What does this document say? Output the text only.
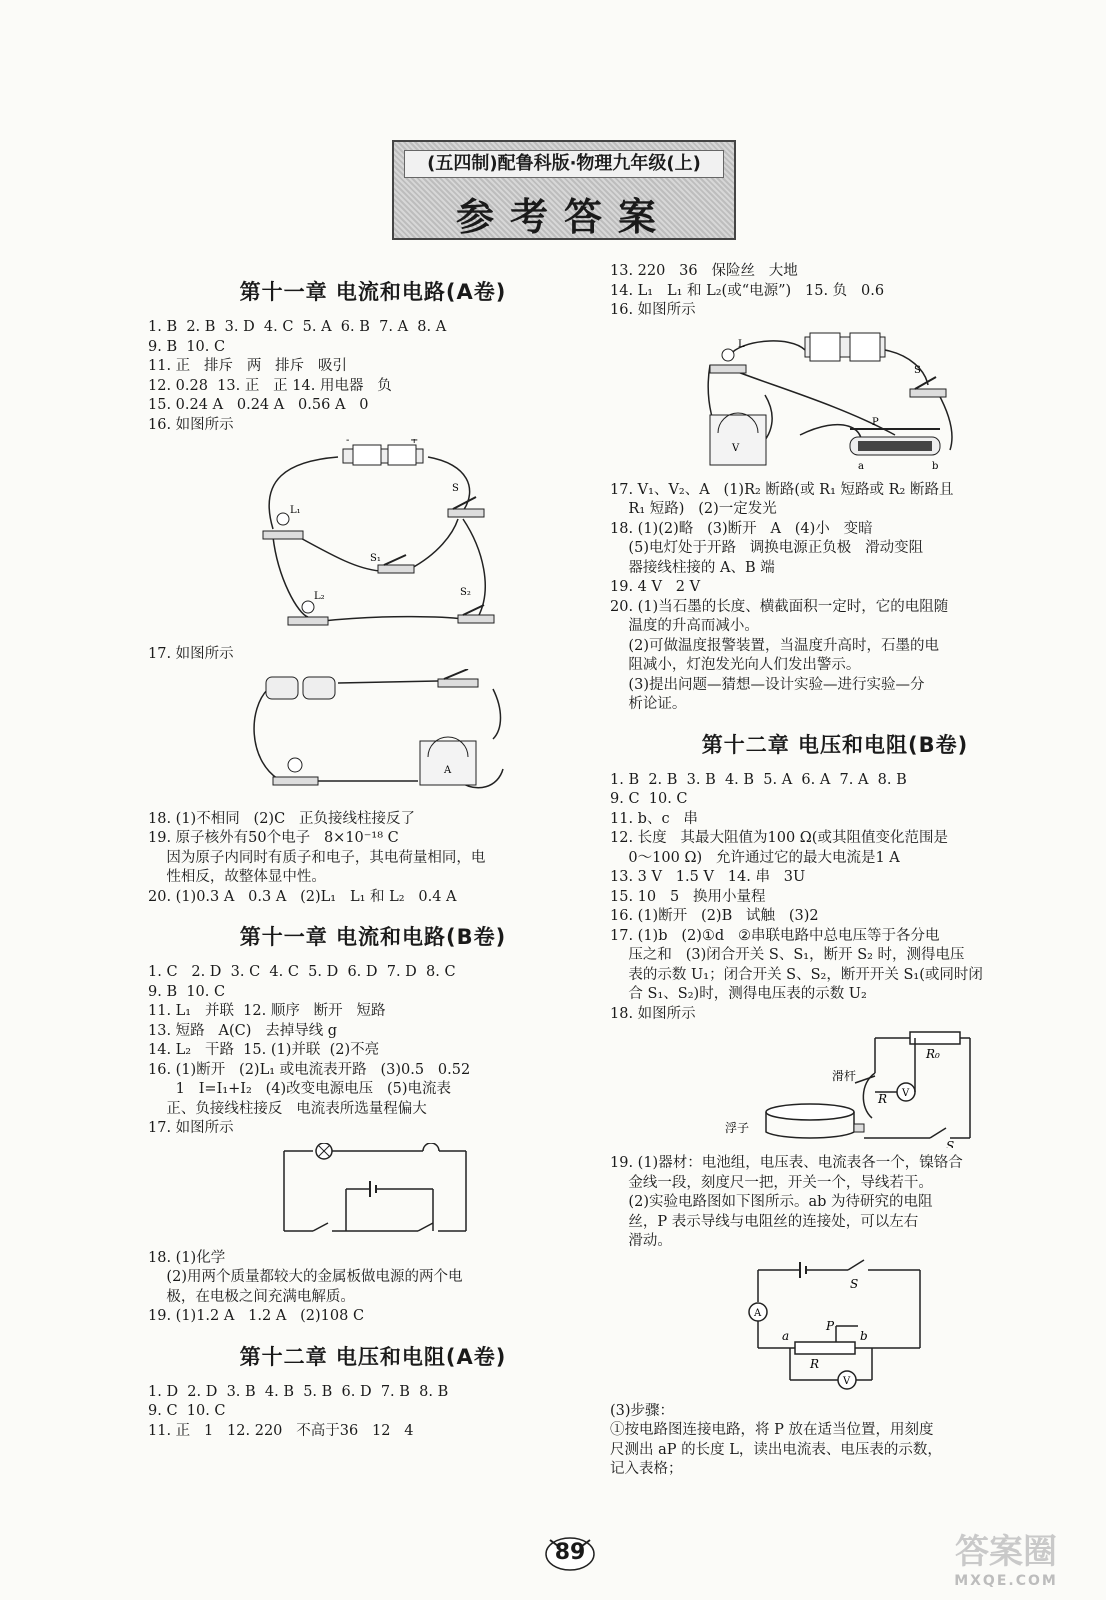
(五四制)配鲁科版·物理九年级(上)
参考答案
第十一章 电流和电路(A卷)
1. B  2. B  3. D  4. C  5. A  6. B  7. A  8. A
9. B  10. C
11. 正   排斥   两   排斥   吸引
12. 0.28  13. 正   正 14. 用电器   负
15. 0.24 A   0.24 A   0.56 A   0
16. 如图所示
-	+
L₁
S
S₁
L₂	S₂
17. 如图所示
A
18. (1)不相同   (2)C   正负接线柱接反了
19. 原子核外有50个电子   8×10⁻¹⁸ C
因为原子内同时有质子和电子，其电荷量相同，电
性相反，故整体显中性。
20. (1)0.3 A   0.3 A   (2)L₁   L₁ 和 L₂   0.4 A
第十一章 电流和电路(B卷)
1. C   2. D  3. C  4. C  5. D  6. D  7. D  8. C
9. B  10. C
11. L₁   并联  12. 顺序   断开   短路
13. 短路   A(C)   去掉导线 g
14. L₂   干路  15. (1)并联  (2)不亮
16. (1)断开   (2)L₁ 或电流表开路   (3)0.5   0.52
1   I=I₁+I₂   (4)改变电源电压   (5)电流表
正、负接线柱接反   电流表所选量程偏大
17. 如图所示
18. (1)化学
(2)用两个质量都较大的金属板做电源的两个电
极，在电极之间充满电解质。
19. (1)1.2 A   1.2 A   (2)108 C
第十二章 电压和电阻(A卷)
1. D  2. D  3. B  4. B  5. B  6. D  7. B  8. B
9. C  10. C
11. 正   1   12. 220   不高于36   12   4
13. 220   36   保险丝   大地
14. L₁   L₁ 和 L₂(或“电源”)   15. 负   0.6
16. 如图所示
L
S
V
P
a	b
17. V₁、V₂、A   (1)R₂ 断路(或 R₁ 短路或 R₂ 断路且
R₁ 短路)   (2)一定发光
18. (1)(2)略   (3)断开   A   (4)小   变暗
(5)电灯处于开路   调换电源正负极   滑动变阻
器接线柱接的 A、B 端
19. 4 V   2 V
20. (1)当石墨的长度、横截面积一定时，它的电阻随
温度的升高而减小。
(2)可做温度报警装置，当温度升高时，石墨的电
阻减小，灯泡发光向人们发出警示。
(3)提出问题—猜想—设计实验—进行实验—分
析论证。
第十二章 电压和电阻(B卷)
1. B  2. B  3. B  4. B  5. A  6. A  7. A  8. B
9. C  10. C
11. b、c   串
12. 长度   其最大阻值为100 Ω(或其阻值变化范围是
0～100 Ω)   允许通过它的最大电流是1 A
13. 3 V   1.5 V   14. 串   3U
15. 10   5   换用小量程
16. (1)断开   (2)B   试触   (3)2
17. (1)b   (2)①d   ②串联电路中总电压等于各分电
压之和   (3)闭合开关 S、S₁，断开 S₂ 时，测得电压
表的示数 U₁；闭合开关 S、S₂，断开开关 S₁(或同时闭
合 S₁、S₂)时，测得电压表的示数 U₂
18. 如图所示
R₀
滑杆
R V
浮子
S
19. (1)器材：电池组，电压表、电流表各一个，镍铬合
金线一段，刻度尺一把，开关一个，导线若干。
(2)实验电路图如下图所示。ab 为待研究的电阻
丝，P 表示导线与电阻丝的连接处，可以左右
滑动。
S
A
P
a	b
R
V
(3)步骤：
①按电路图连接电路，将 P 放在适当位置，用刻度
尺测出 aP 的长度 L，读出电流表、电压表的示数，
记入表格；
89	答案圈
MXQE.COM
